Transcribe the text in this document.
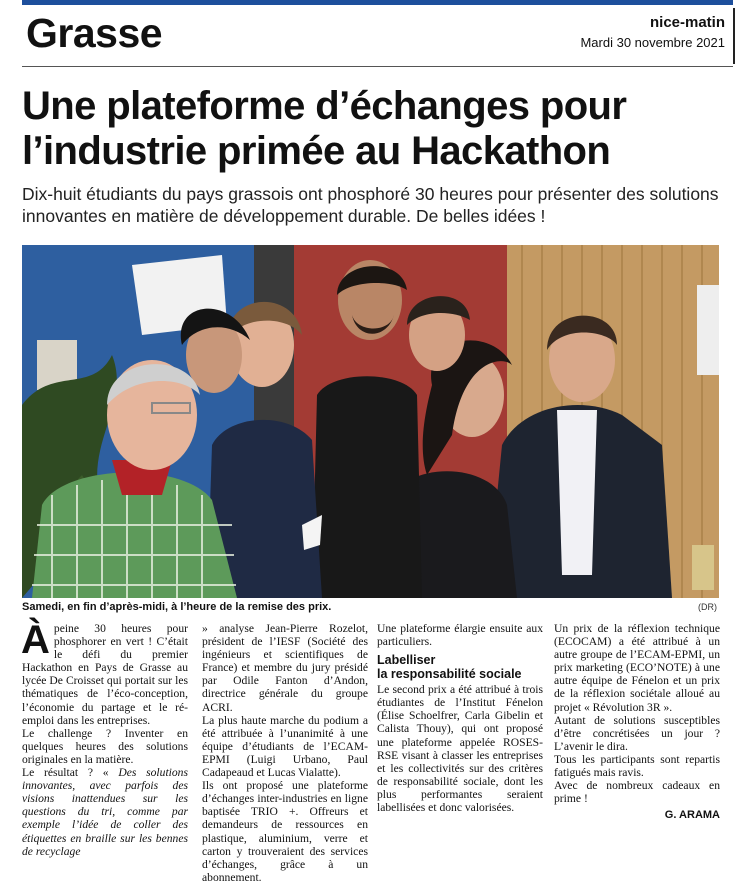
Grasse	nice-matin
Mardi 30 novembre 2021
Une plateforme d’échanges pour l’industrie primée au Hackathon
Dix-huit étudiants du pays grassois ont phosphoré 30 heures pour présenter des solutions innovantes en matière de développement durable. De belles idées !
Samedi, en fin d’après-midi, à l’heure de la remise des prix.	(DR)

Àpeine 30 heures pour phosphorer en vert ! C’était le défi du premier Hackathon en Pays de Grasse au lycée De Croisset qui portait sur les thématiques de l’éco-conception, l’économie du partage et le ré-emploi dans les entreprises.

Le challenge ? Inventer en quelques heures des solutions originales en la matière.

Le résultat ? « Des solutions innovantes, avec parfois des visions inattendues sur les questions du tri, comme par exemple l’idée de coller des étiquettes en braille sur les bennes de recyclage

» analyse Jean-Pierre Rozelot, président de l’IESF (Société des ingénieurs et scientifiques de France) et membre du jury présidé par Odile Fanton d’Andon, directrice générale du groupe ACRI.

La plus haute marche du podium a été attribuée à l’unanimité à une équipe d’étudiants de l’ECAM-EPMI (Luigi Urbano, Paul Cadapeaud et Lucas Vialatte).

Ils ont proposé une plateforme d’échanges inter-industries en ligne baptisée TRIO +. Offreurs et demandeurs de ressources en plastique, aluminium, verre et carton y trouveraient des services d’échanges, grâce à un abonnement.

Une plateforme élargie ensuite aux particuliers.

Labelliser
la responsabilité sociale

Le second prix a été attribué à trois étudiantes de l’Institut Fénelon (Élise Schoelfrer, Carla Gibelin et Calista Thouy), qui ont proposé une plateforme appelée ROSES-RSE visant à classer les entreprises et les collectivités sur des critères de responsabilité sociale, dont les plus performantes seraient labellisées et donc valorisées.

Un prix de la réflexion technique (ECOCAM) a été attribué à un autre groupe de l’ECAM-EPMI, un prix marketing (ECO’NOTE) à une autre équipe de Fénelon et un prix de la réflexion sociétale alloué au projet « Révolution 3R ».

Autant de solutions susceptibles d’être concrétisées un jour ? L’avenir le dira.

Tous les participants sont repartis fatigués mais ravis.

Avec de nombreux cadeaux en prime !

G. ARAMA
